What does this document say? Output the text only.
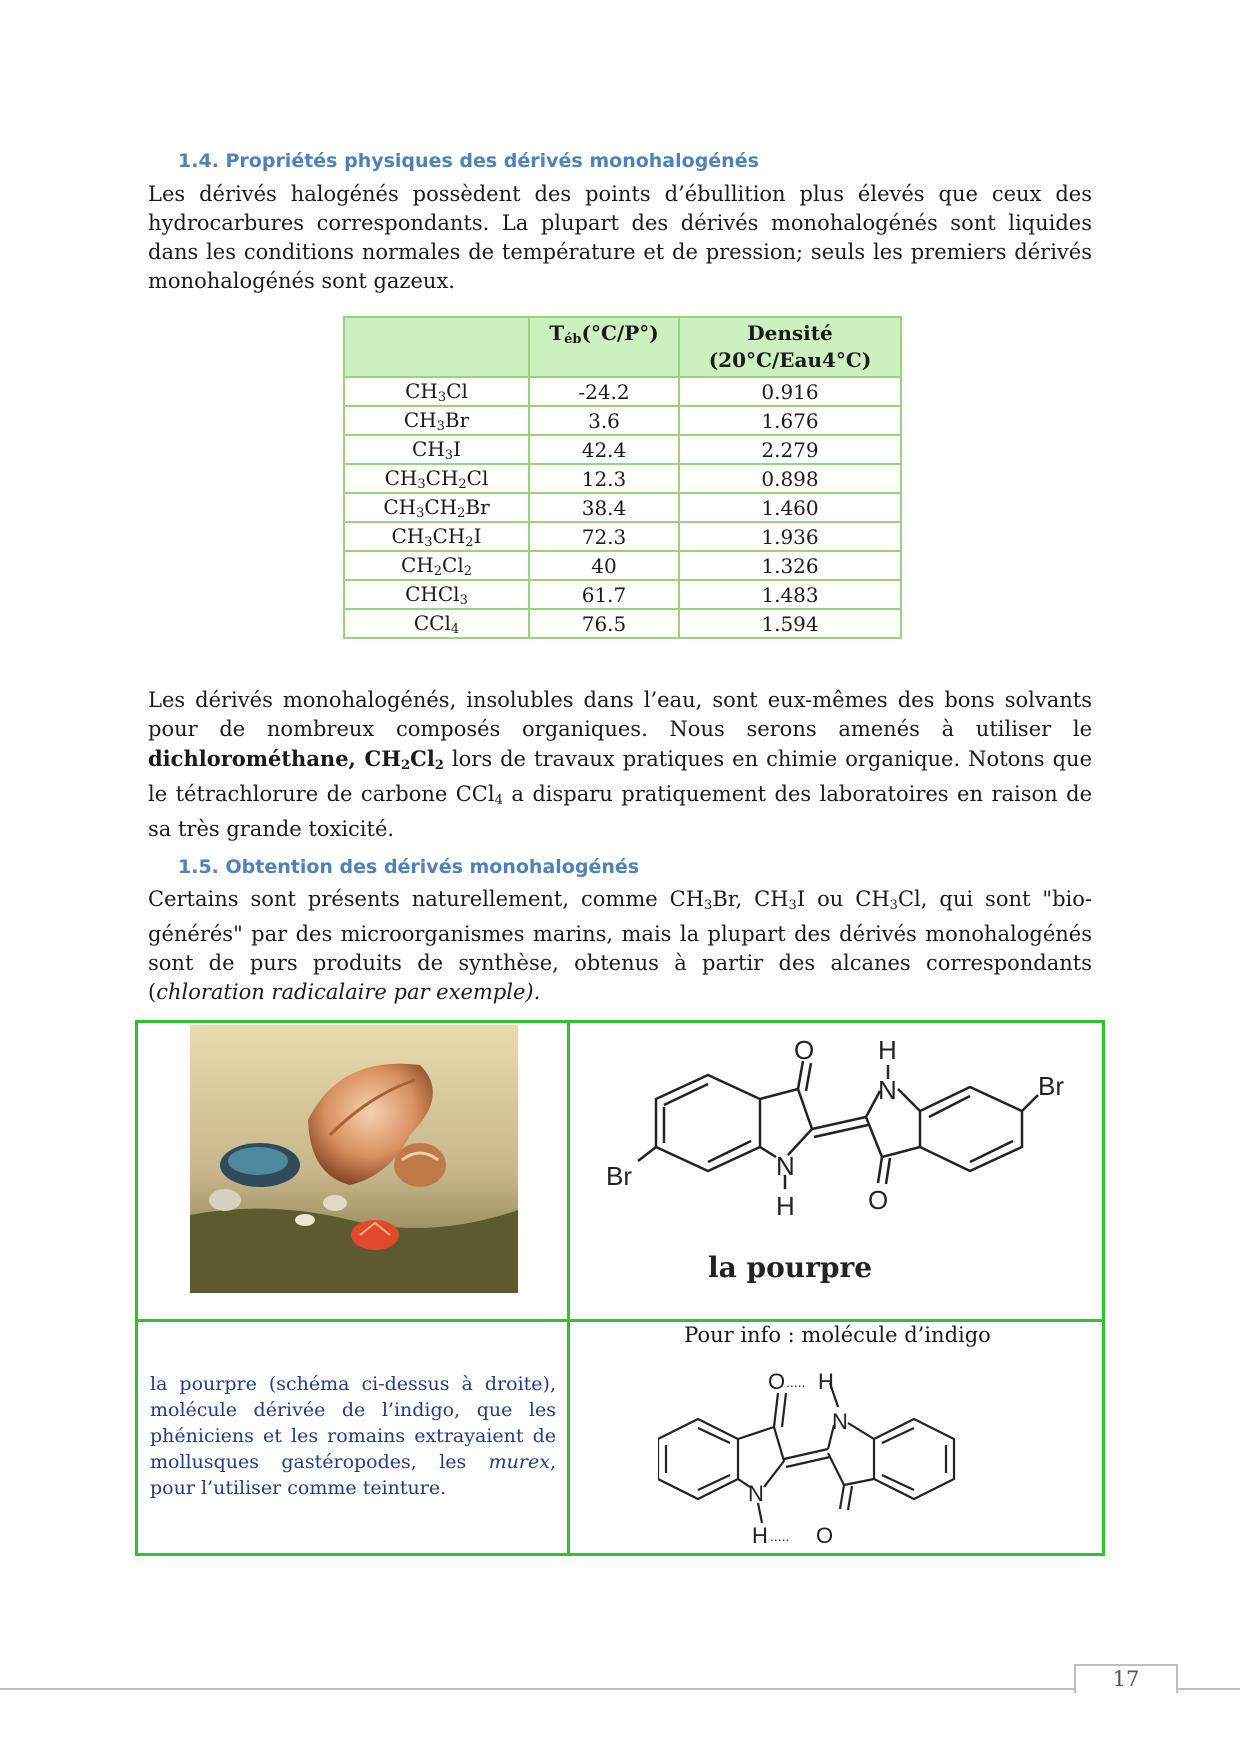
1.4. Propriétés physiques des dérivés monohalogénés
Les dérivés halogénés possèdent des points d’ébullition plus élevés que ceux des hydrocarbures correspondants. La plupart des dérivés monohalogénés sont liquides dans les conditions normales de température et de pression; seuls les premiers dérivés monohalogénés sont gazeux.
	$T_{éb}(^\circ C/P^\circ)$	Densité
(20°C/Eau4°C)
$CH_3Cl$	-24.2	0.916
$CH_3Br$	3.6	1.676
$CH_3I$	42.4	2.279
$CH_3CH_2Cl$	12.3	0.898
$CH_3CH_2Br$	38.4	1.460
$CH_3CH_2I$	72.3	1.936
$CH_2Cl_2$	40	1.326
CHCl$_3$	61.7	1.483
CCl$_4$	76.5	1.594
Les dérivés monohalogénés, insolubles dans l’eau, sont eux-mêmes des bons solvants pour de nombreux composés organiques. Nous serons amenés à utiliser le dichlorométhane, $CH_2Cl_2$ lors de travaux pratiques en chimie organique. Notons que le tétrachlorure de carbone CCl$_4$ a disparu pratiquement des laboratoires en raison de sa très grande toxicité.
1.5. Obtention des dérivés monohalogénés
Certains sont présents naturellement, comme $CH_3Br$, $CH_3I$ ou $CH_3Cl$, qui sont "bio-générés" par des microorganismes marins, mais la plupart des dérivés monohalogénés sont de purs produits de synthèse, obtenus à partir des alcanes correspondants (chloration radicalaire par exemple).
O H
N	Br
Br	N
H	O
la pourpre
la pourpre (schéma ci-dessus à droite), molécule dérivée de l’indigo, que les phéniciens et les romains extrayaient de mollusques gastéropodes, les murex, pour l’utiliser comme teinture.
Pour info : molécule d’indigo
O ..... H
N
N
H ..... O
17
